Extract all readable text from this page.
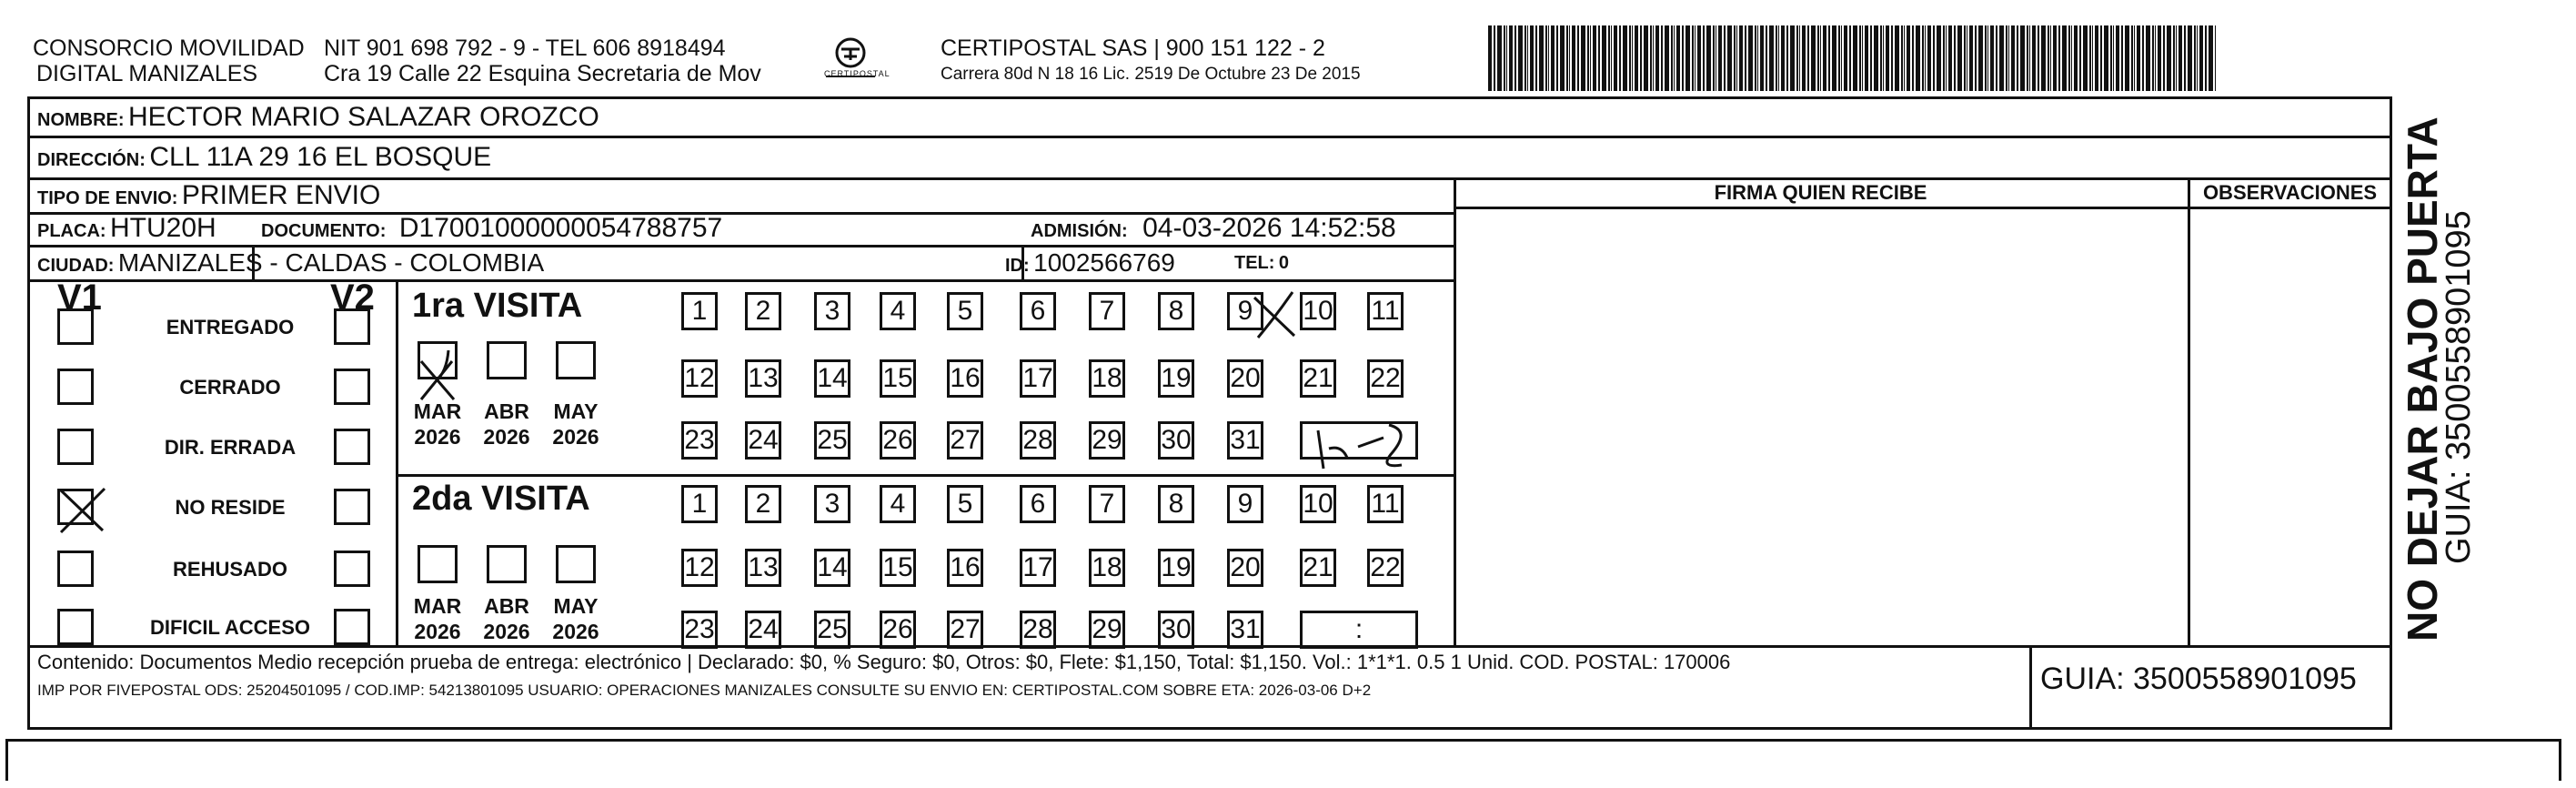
CONSORCIO MOVILIDAD
DIGITAL MANIZALES
NIT 901 698 792 - 9 - TEL 606 8918494
Cra 19 Calle 22 Esquina Secretaria de Mov	CERTIPOSTAL
CERTIPOSTAL SAS | 900 151 122 - 2
Carrera 80d N 18 16 Lic. 2519 De Octubre 23 De 2015
NOMBRE: HECTOR MARIO SALAZAR OROZCO
DIRECCIÓN: CLL 11A 29 16 EL BOSQUE
TIPO DE ENVIO: PRIMER ENVIO
PLACA: HTU20H DOCUMENTO: D17001000000054788757	ADMISIÓN: 04-03-2026 14:52:58
CIUDAD: MANIZALES - CALDAS - COLOMBIA	ID: 1002566769	TEL: 0
FIRMA QUIEN RECIBE	OBSERVACIONES
V1	V2
ENTREGADO
CERRADO
DIR. ERRADA
NO RESIDE
REHUSADO
DIFICIL ACCESO
1ra VISITA
2da VISITA
MAR
2026
ABR
2026
MAY
2026
1	2	3	4	5	6	7	8	9	10 11
12 13 14 15 16 17 18 19 20 21 22
23 24 25 26 27 28 29 30 31
MAR
2026
ABR
2026
MAY
2026
1	2	3	4	5	6	7	8	9	10 11
12 13 14 15 16 17 18 19 20 21 22
23 24 25 26 27 28 29 30 31	:
Contenido: Documentos Medio recepción prueba de entrega: electrónico | Declarado: $0, % Seguro: $0, Otros: $0, Flete: $1,150, Total: $1,150. Vol.: 1*1*1. 0.5 1 Unid. COD. POSTAL: 170006
IMP POR FIVEPOSTAL ODS: 25204501095 / COD.IMP: 54213801095 USUARIO: OPERACIONES MANIZALES CONSULTE SU ENVIO EN: CERTIPOSTAL.COM SOBRE ETA: 2026-03-06 D+2	GUIA: 3500558901095
NO DEJAR BAJO PUERTA
GUIA: 3500558901095
